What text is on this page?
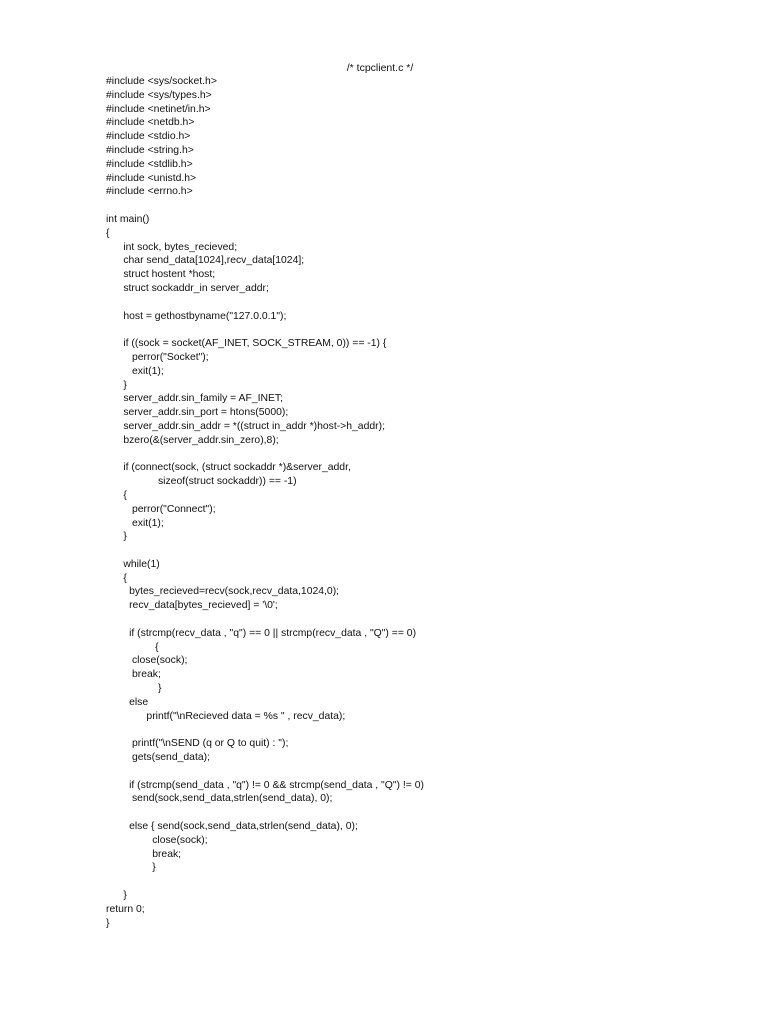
/* tcpclient.c */
#include <sys/socket.h>
#include <sys/types.h>
#include <netinet/in.h>
#include <netdb.h>
#include <stdio.h>
#include <string.h>
#include <stdlib.h>
#include <unistd.h>
#include <errno.h>
int main()
{
int sock, bytes_recieved;
char send_data[1024],recv_data[1024];
struct hostent *host;
struct sockaddr_in server_addr;
host = gethostbyname("127.0.0.1");
if ((sock = socket(AF_INET, SOCK_STREAM, 0)) == -1) {
perror("Socket");
exit(1);
}
server_addr.sin_family = AF_INET;
server_addr.sin_port = htons(5000);
server_addr.sin_addr = *((struct in_addr *)host->h_addr);
bzero(&(server_addr.sin_zero),8);
if (connect(sock, (struct sockaddr *)&server_addr,
sizeof(struct sockaddr)) == -1)
{
perror("Connect");
exit(1);
}
while(1)
{
bytes_recieved=recv(sock,recv_data,1024,0);
recv_data[bytes_recieved] = '\0';
if (strcmp(recv_data , "q") == 0 || strcmp(recv_data , "Q") == 0)
{
close(sock);
break;
}
else
printf("\nRecieved data = %s " , recv_data);
printf("\nSEND (q or Q to quit) : ");
gets(send_data);
if (strcmp(send_data , "q") != 0 && strcmp(send_data , "Q") != 0)
send(sock,send_data,strlen(send_data), 0);
else { send(sock,send_data,strlen(send_data), 0);
close(sock);
break;
}
}
return 0;
}
